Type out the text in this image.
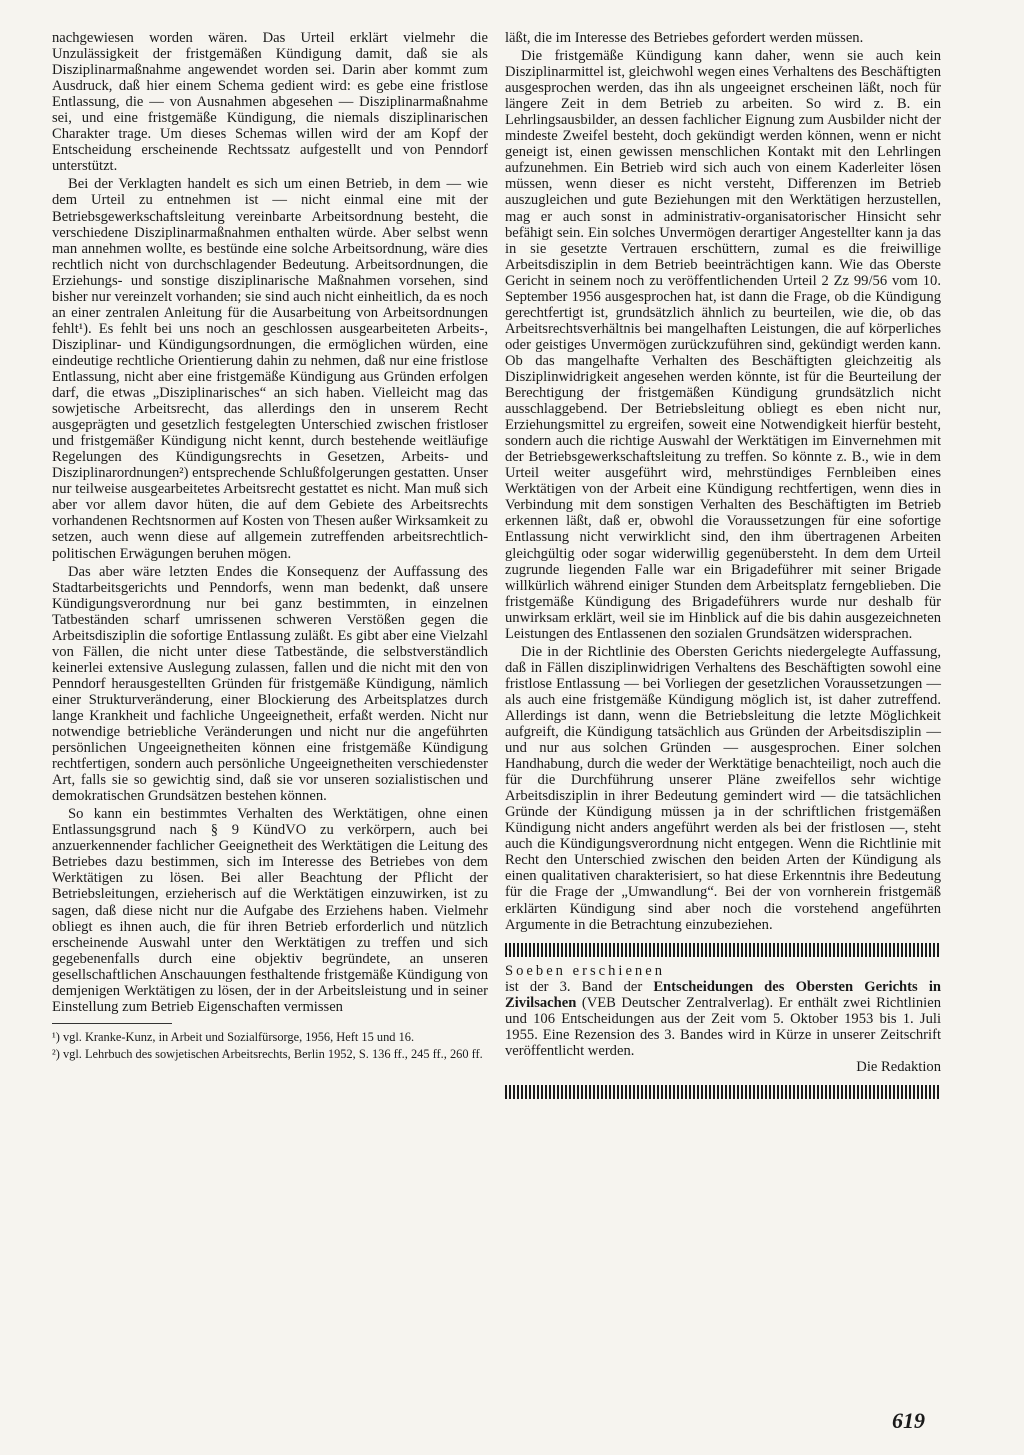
nachgewiesen worden wären. Das Urteil erklärt vielmehr die Unzulässigkeit der fristgemäßen Kündigung damit, daß sie als Disziplinarmaßnahme angewendet worden sei. Darin aber kommt zum Ausdruck, daß hier einem Schema gedient wird: es gebe eine fristlose Entlassung, die — von Ausnahmen abgesehen — Disziplinarmaßnahme sei, und eine fristgemäße Kündigung, die niemals disziplinarischen Charakter trage. Um dieses Schemas willen wird der am Kopf der Entscheidung erscheinende Rechtssatz aufgestellt und von Penndorf unterstützt.

Bei der Verklagten handelt es sich um einen Betrieb, in dem — wie dem Urteil zu entnehmen ist — nicht einmal eine mit der Betriebsgewerkschaftsleitung vereinbarte Arbeitsordnung besteht, die verschiedene Disziplinarmaßnahmen enthalten würde. Aber selbst wenn man annehmen wollte, es bestünde eine solche Arbeitsordnung, wäre dies rechtlich nicht von durchschlagender Bedeutung. Arbeitsordnungen, die Erziehungs- und sonstige disziplinarische Maßnahmen vorsehen, sind bisher nur vereinzelt vorhanden; sie sind auch nicht einheitlich, da es noch an einer zentralen Anleitung für die Ausarbeitung von Arbeitsordnungen fehlt¹). Es fehlt bei uns noch an geschlossen ausgearbeiteten Arbeits-, Disziplinar- und Kündigungsordnungen, die ermöglichen würden, eine eindeutige rechtliche Orientierung dahin zu nehmen, daß nur eine fristlose Entlassung, nicht aber eine fristgemäße Kündigung aus Gründen erfolgen darf, die etwas „Disziplinarisches“ an sich haben. Vielleicht mag das sowjetische Arbeitsrecht, das allerdings den in unserem Recht ausgeprägten und gesetzlich festgelegten Unterschied zwischen fristloser und fristgemäßer Kündigung nicht kennt, durch bestehende weitläufige Regelungen des Kündigungsrechts in Gesetzen, Arbeits- und Disziplinarordnungen²) entsprechende Schlußfolgerungen gestatten. Unser nur teilweise ausgearbeitetes Arbeitsrecht gestattet es nicht. Man muß sich aber vor allem davor hüten, die auf dem Gebiete des Arbeitsrechts vorhandenen Rechtsnormen auf Kosten von Thesen außer Wirksamkeit zu setzen, auch wenn diese auf allgemein zutreffenden arbeitsrechtlich-politischen Erwägungen beruhen mögen.

Das aber wäre letzten Endes die Konsequenz der Auffassung des Stadtarbeitsgerichts und Penndorfs, wenn man bedenkt, daß unsere Kündigungsverordnung nur bei ganz bestimmten, in einzelnen Tatbeständen scharf umrissenen schweren Verstößen gegen die Arbeitsdisziplin die sofortige Entlassung zuläßt. Es gibt aber eine Vielzahl von Fällen, die nicht unter diese Tatbestände, die selbstverständlich keinerlei extensive Auslegung zulassen, fallen und die nicht mit den von Penndorf herausgestellten Gründen für fristgemäße Kündigung, nämlich einer Strukturveränderung, einer Blockierung des Arbeitsplatzes durch lange Krankheit und fachliche Ungeeignetheit, erfaßt werden. Nicht nur notwendige betriebliche Veränderungen und nicht nur die angeführten persönlichen Ungeeignetheiten können eine fristgemäße Kündigung rechtfertigen, sondern auch persönliche Ungeeignetheiten verschiedenster Art, falls sie so gewichtig sind, daß sie vor unseren sozialistischen und demokratischen Grundsätzen bestehen können.

So kann ein bestimmtes Verhalten des Werktätigen, ohne einen Entlassungsgrund nach § 9 KündVO zu verkörpern, auch bei anzuerkennender fachlicher Geeignetheit des Werktätigen die Leitung des Betriebes dazu bestimmen, sich im Interesse des Betriebes von dem Werktätigen zu lösen. Bei aller Beachtung der Pflicht der Betriebsleitungen, erzieherisch auf die Werktätigen einzuwirken, ist zu sagen, daß diese nicht nur die Aufgabe des Erziehens haben. Vielmehr obliegt es ihnen auch, die für ihren Betrieb erforderlich und nützlich erscheinende Auswahl unter den Werktätigen zu treffen und sich gegebenenfalls durch eine objektiv begründete, an unseren gesellschaftlichen Anschauungen festhaltende fristgemäße Kündigung von demjenigen Werktätigen zu lösen, der in der Arbeitsleistung und in seiner Einstellung zum Betrieb Eigenschaften vermissen

¹) vgl. Kranke-Kunz, in Arbeit und Sozialfürsorge, 1956, Heft 15 und 16.

²) vgl. Lehrbuch des sowjetischen Arbeitsrechts, Berlin 1952, S. 136 ff., 245 ff., 260 ff.

läßt, die im Interesse des Betriebes gefordert werden müssen.

Die fristgemäße Kündigung kann daher, wenn sie auch kein Disziplinarmittel ist, gleichwohl wegen eines Verhaltens des Beschäftigten ausgesprochen werden, das ihn als ungeeignet erscheinen läßt, noch für längere Zeit in dem Betrieb zu arbeiten. So wird z. B. ein Lehrlingsausbilder, an dessen fachlicher Eignung zum Ausbilder nicht der mindeste Zweifel besteht, doch gekündigt werden können, wenn er nicht geneigt ist, einen gewissen menschlichen Kontakt mit den Lehrlingen aufzunehmen. Ein Betrieb wird sich auch von einem Kaderleiter lösen müssen, wenn dieser es nicht versteht, Differenzen im Betrieb auszugleichen und gute Beziehungen mit den Werktätigen herzustellen, mag er auch sonst in administrativ-organisatorischer Hinsicht sehr befähigt sein. Ein solches Unvermögen derartiger Angestellter kann ja das in sie gesetzte Vertrauen erschüttern, zumal es die freiwillige Arbeitsdisziplin in dem Betrieb beeinträchtigen kann. Wie das Oberste Gericht in seinem noch zu veröffentlichenden Urteil 2 Zz 99/56 vom 10. September 1956 ausgesprochen hat, ist dann die Frage, ob die Kündigung gerechtfertigt ist, grundsätzlich ähnlich zu beurteilen, wie die, ob das Arbeitsrechtsverhältnis bei mangelhaften Leistungen, die auf körperliches oder geistiges Unvermögen zurückzuführen sind, gekündigt werden kann. Ob das mangelhafte Verhalten des Beschäftigten gleichzeitig als Disziplinwidrigkeit angesehen werden könnte, ist für die Beurteilung der Berechtigung der fristgemäßen Kündigung grundsätzlich nicht ausschlaggebend. Der Betriebsleitung obliegt es eben nicht nur, Erziehungsmittel zu ergreifen, soweit eine Notwendigkeit hierfür besteht, sondern auch die richtige Auswahl der Werktätigen im Einvernehmen mit der Betriebsgewerkschaftsleitung zu treffen. So könnte z. B., wie in dem Urteil weiter ausgeführt wird, mehrstündiges Fernbleiben eines Werktätigen von der Arbeit eine Kündigung rechtfertigen, wenn dies in Verbindung mit dem sonstigen Verhalten des Beschäftigten im Betrieb erkennen läßt, daß er, obwohl die Voraussetzungen für eine sofortige Entlassung nicht verwirklicht sind, den ihm übertragenen Arbeiten gleichgültig oder sogar widerwillig gegenübersteht. In dem dem Urteil zugrunde liegenden Falle war ein Brigadeführer mit seiner Brigade willkürlich während einiger Stunden dem Arbeitsplatz ferngeblieben. Die fristgemäße Kündigung des Brigadeführers wurde nur deshalb für unwirksam erklärt, weil sie im Hinblick auf die bis dahin ausgezeichneten Leistungen des Entlassenen den sozialen Grundsätzen widersprachen.

Die in der Richtlinie des Obersten Gerichts niedergelegte Auffassung, daß in Fällen disziplinwidrigen Verhaltens des Beschäftigten sowohl eine fristlose Entlassung — bei Vorliegen der gesetzlichen Voraussetzungen — als auch eine fristgemäße Kündigung möglich ist, ist daher zutreffend. Allerdings ist dann, wenn die Betriebsleitung die letzte Möglichkeit aufgreift, die Kündigung tatsächlich aus Gründen der Arbeitsdisziplin — und nur aus solchen Gründen — ausgesprochen. Einer solchen Handhabung, durch die weder der Werktätige benachteiligt, noch auch die für die Durchführung unserer Pläne zweifellos sehr wichtige Arbeitsdisziplin in ihrer Bedeutung gemindert wird — die tatsächlichen Gründe der Kündigung müssen ja in der schriftlichen fristgemäßen Kündigung nicht anders angeführt werden als bei der fristlosen —, steht auch die Kündigungsverordnung nicht entgegen. Wenn die Richtlinie mit Recht den Unterschied zwischen den beiden Arten der Kündigung als einen qualitativen charakterisiert, so hat diese Erkenntnis ihre Bedeutung für die Frage der „Umwandlung“. Bei der von vornherein fristgemäß erklärten Kündigung sind aber noch die vorstehend angeführten Argumente in die Betrachtung einzubeziehen.

Soeben erschienen

ist der 3. Band der Entscheidungen des Obersten Gerichts in Zivilsachen (VEB Deutscher Zentralverlag). Er enthält zwei Richtlinien und 106 Entscheidungen aus der Zeit vom 5. Oktober 1953 bis 1. Juli 1955. Eine Rezension des 3. Bandes wird in Kürze in unserer Zeitschrift veröffentlicht werden.

Die Redaktion

619
